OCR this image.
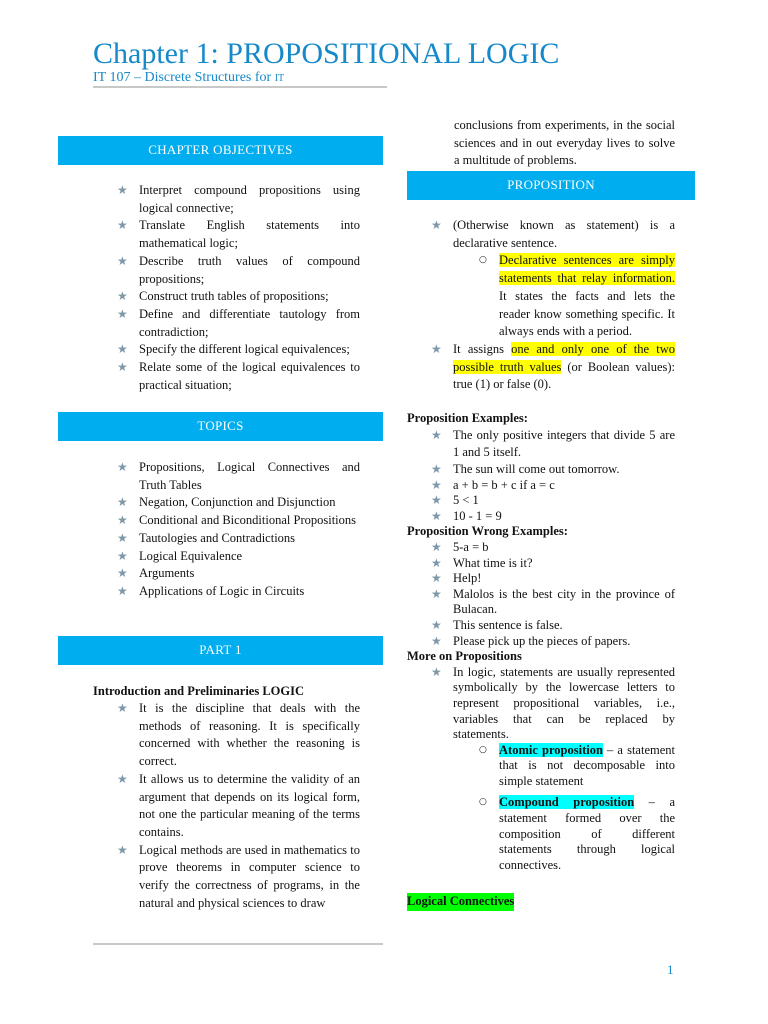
Chapter 1: PROPOSITIONAL LOGIC
IT 107 – Discrete Structures for IT
CHAPTER OBJECTIVES
★ Interpret compound propositions using logical connective;
★ Translate English statements into mathematical logic;
★ Describe truth values of compound propositions;
★ Construct truth tables of propositions;
★ Define and differentiate tautology from contradiction;
★ Specify the different logical equivalences;
★ Relate some of the logical equivalences to practical situation;
TOPICS
★ Propositions, Logical Connectives and Truth Tables
★ Negation, Conjunction and Disjunction
★ Conditional and Biconditional Propositions
★ Tautologies and Contradictions
★ Logical Equivalence
★ Arguments
★ Applications of Logic in Circuits
PART 1
Introduction and Preliminaries LOGIC
★ It is the discipline that deals with the methods of reasoning. It is specifically concerned with whether the reasoning is correct.
★ It allows us to determine the validity of an argument that depends on its logical form, not one the particular meaning of the terms contains.
★ Logical methods are used in mathematics to prove theorems in computer science to verify the correctness of programs, in the natural and physical sciences to draw
conclusions from experiments, in the social sciences and in out everyday lives to solve a multitude of problems.
PROPOSITION
★ (Otherwise known as statement) is a declarative sentence.
○ Declarative sentences are simply statements that relay information. It states the facts and lets the reader know something specific. It always ends with a period.
★ It assigns one and only one of the two possible truth values (or Boolean values): true (1) or false (0).
Proposition Examples:
★ The only positive integers that divide 5 are 1 and 5 itself.
★ The sun will come out tomorrow.
★ a + b = b + c if a = c
★ 5 < 1
★ 10 - 1 = 9
Proposition Wrong Examples:
★ 5-a = b
★ What time is it?
★ Help!
★ Malolos is the best city in the province of Bulacan.
★ This sentence is false.
★ Please pick up the pieces of papers.
More on Propositions
★ In logic, statements are usually represented symbolically by the lowercase letters to represent propositional variables, i.e., variables that can be replaced by statements.
○ Atomic proposition – a statement that is not decomposable into simple statement
○ Compound proposition – a statement formed over the composition of different statements through logical connectives.
Logical Connectives
1
